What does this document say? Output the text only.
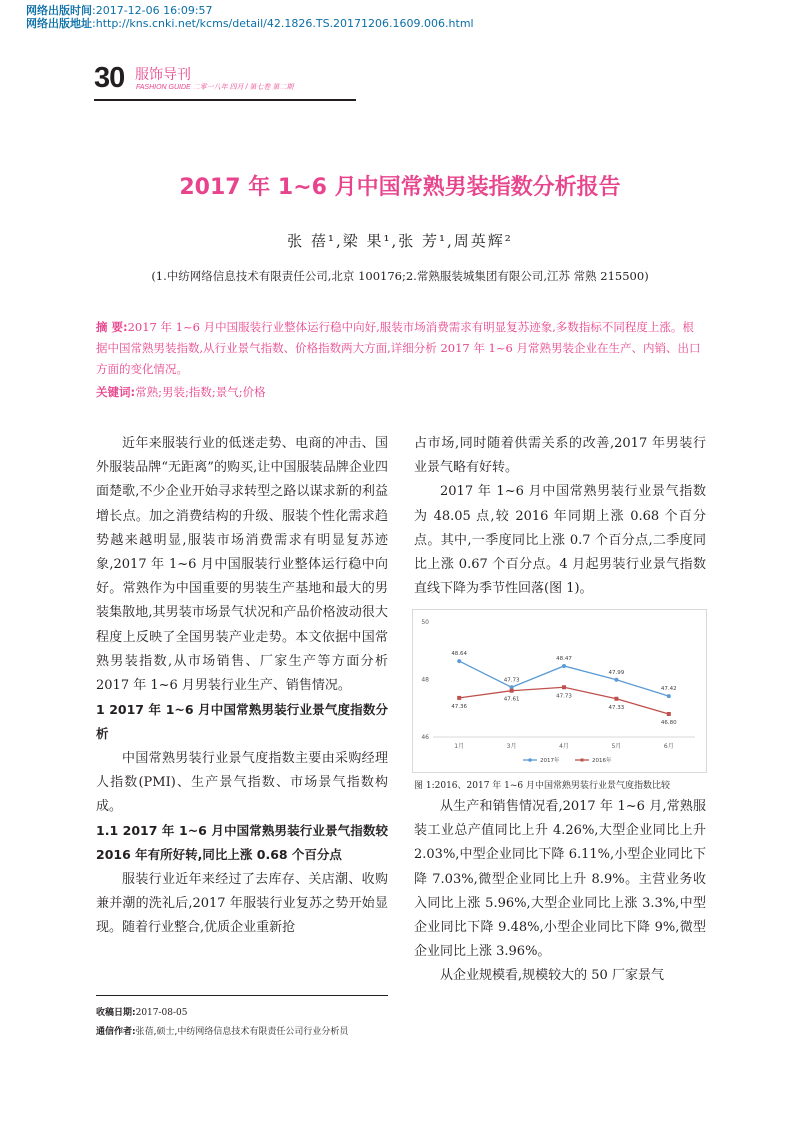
网络出版时间:2017-12-06 16:09:57
网络出版地址:http://kns.cnki.net/kcms/detail/42.1826.TS.20171206.1609.006.html
30 服饰导刊
FASHION GUIDE 二零一八年 四月 / 第七卷 第二期
2017 年 1~6 月中国常熟男装指数分析报告
张 蓓¹,梁 果¹,张 芳¹,周英辉²
(1.中纺网络信息技术有限责任公司,北京 100176;2.常熟服装城集团有限公司,江苏 常熟 215500)
摘 要:2017 年 1~6 月中国服装行业整体运行稳中向好,服装市场消费需求有明显复苏迹象,多数指标不同程度上涨。根据中国常熟男装指数,从行业景气指数、价格指数两大方面,详细分析 2017 年 1~6 月常熟男装企业在生产、内销、出口方面的变化情况。
关键词:常熟;男装;指数;景气;价格

近年来服装行业的低迷走势、电商的冲击、国外服装品牌“无距离”的购买,让中国服装品牌企业四面楚歌,不少企业开始寻求转型之路以谋求新的利益增长点。加之消费结构的升级、服装个性化需求趋势越来越明显,服装市场消费需求有明显复苏迹象,2017 年 1~6 月中国服装行业整体运行稳中向好。常熟作为中国重要的男装生产基地和最大的男装集散地,其男装市场景气状况和产品价格波动很大程度上反映了全国男装产业走势。本文依据中国常熟男装指数,从市场销售、厂家生产等方面分析 2017 年 1~6 月男装行业生产、销售情况。

1 2017 年 1~6 月中国常熟男装行业景气度指数分析

中国常熟男装行业景气度指数主要由采购经理人指数(PMI)、生产景气指数、市场景气指数构成。

1.1 2017 年 1~6 月中国常熟男装行业景气指数较 2016 年有所好转,同比上涨 0.68 个百分点

服装行业近年来经过了去库存、关店潮、收购兼并潮的洗礼后,2017 年服装行业复苏之势开始显现。随着行业整合,优质企业重新抢

占市场,同时随着供需关系的改善,2017 年男装行业景气略有好转。

2017 年 1~6 月中国常熟男装行业景气指数为 48.05 点,较 2016 年同期上涨 0.68 个百分点。其中,一季度同比上涨 0.7 个百分点,二季度同比上涨 0.67 个百分点。4 月起男装行业景气指数直线下降为季节性回落(图 1)。

46
48
50
1月	3月	4月	5月	6月
48.64
47.73
48.47
47.99
47.42
47.36
47.61
47.73
47.33
46.80
2017年	2016年
图 1:2016、2017 年 1~6 月中国常熟男装行业景气度指数比较

从生产和销售情况看,2017 年 1~6 月,常熟服装工业总产值同比上升 4.26%,大型企业同比上升 2.03%,中型企业同比下降 6.11%,小型企业同比下降 7.03%,微型企业同比上升 8.9%。主营业务收入同比上涨 5.96%,大型企业同比上涨 3.3%,中型企业同比下降 9.48%,小型企业同比下降 9%,微型企业同比上涨 3.96%。

从企业规模看,规模较大的 50 厂家景气

收稿日期:2017-08-05
通信作者:张蓓,硕士,中纺网络信息技术有限责任公司行业分析员
